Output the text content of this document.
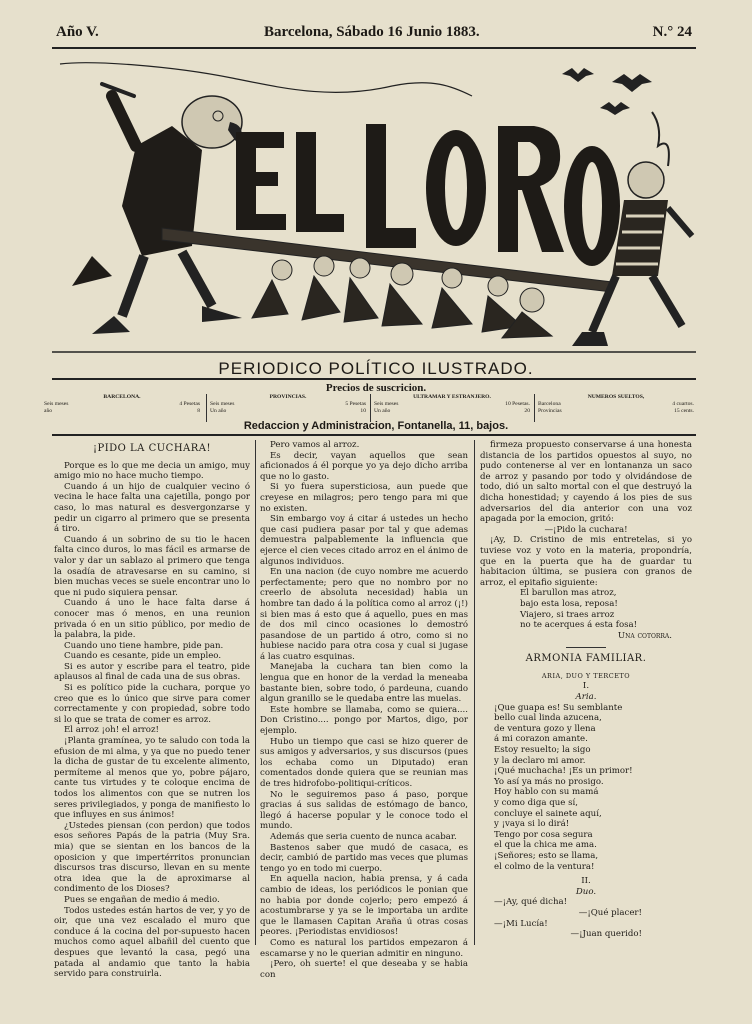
Año V.	Barcelona, Sábado 16 Junio 1883.	N.° 24
PERIODICO POLÍTICO ILUSTRADO.
Precios de suscricion.
BARCELONA.
Seis meses	4 Pesetas
año	8
PROVINCIAS.
Seis meses	5 Pesetas
Un año	10
ULTRAMAR Y ESTRANJERO.
Seis meses	10 Pesetas.
Un año	20
NUMEROS SUELTOS,
Barcelona	4 cuartos.
Provincias	15 cents.
Redaccion y Administracion, Fontanella, 11, bajos.
¡PIDO LA CUCHARA!

Porque es lo que me decia un amigo, muy amigo mio no hace mucho tiempo.

Cuando á un hijo de cualquier vecino ó vecina le hace falta una cajetilla, pongo por caso, lo mas natural es desvergonzarse y pedir un cigarro al primero que se presenta á tiro.

Cuando á un sobrino de su tio le hacen falta cinco duros, lo mas fácil es armarse de valor y dar un sablazo al primero que tenga la osadía de atravesarse en su camino, si bien muchas veces se suele encontrar uno lo que ni pudo siquiera pensar.

Cuando á uno le hace falta darse á conocer mas ó menos, en una reunion privada ó en un sitio público, por medio de la palabra, la pide.

Cuando uno tiene hambre, pide pan.

Cuando es cesante, pide un empleo.

Si es autor y escribe para el teatro, pide aplausos al final de cada una de sus obras.

Si es político pide la cuchara, porque yo creo que es lo único que sirve para comer correctamente y con propiedad, sobre todo si lo que se trata de comer es arroz.

El arroz ¡oh! el arroz!

¡Planta gramínea, yo te saludo con toda la efusion de mi alma, y ya que no puedo tener la dicha de gustar de tu excelente alimento, permíteme al menos que yo, pobre pájaro, cante tus virtudes y te coloque encima de todos los alimentos con que se nutren los seres privilegiados, y ponga de manifiesto lo que influyes en sus ánimos!

¿Ustedes piensan (con perdon) que todos esos señores Papás de la patria (Muy Sra. mia) que se sientan en los bancos de la oposicion y que impertérritos pronuncian discursos tras discurso, llevan en su mente otra idea que la de aproximarse al condimento de los Dioses?

Pues se engañan de medio á medio.

Todos ustedes están hartos de ver, y yo de oir, que una vez escalado el muro que conduce á la cocina del por-supuesto hacen muchos como aquel albañil del cuento que despues que levantó la casa, pegó una patada al andamio que tanto la habia servido para construirla.

Pero vamos al arroz.

Es decir, vayan aquellos que sean aficionados á él porque yo ya dejo dicho arriba que no lo gasto.

Si yo fuera supersticiosa, aun puede que creyese en milagros; pero tengo para mi que no existen.

Sin embargo voy á citar á ustedes un hecho que casi pudiera pasar por tal y que ademas demuestra palpablemente la influencia que ejerce el cien veces citado arroz en el ánimo de algunos individuos.

En una nacion (de cuyo nombre me acuerdo perfectamente; pero que no nombro por no creerlo de absoluta necesidad) habia un hombre tan dado á la política como al arroz (¡!) si bien mas á esto que á aquello, pues en mas de dos mil cinco ocasiones lo demostró pasandose de un partido á otro, como si no hubiese nacido para otra cosa y cual si jugase á las cuatro esquinas.

Manejaba la cuchara tan bien como la lengua que en honor de la verdad la meneaba bastante bien, sobre todo, ó pardeuna, cuando algun granillo se le quedaba entre las muelas.

Este hombre se llamaba, como se quiera.... Don Cristino.... pongo por Martos, digo, por ejemplo.

Hubo un tiempo que casi se hizo querer de sus amigos y adversarios, y sus discursos (pues los echaba como un Diputado) eran comentados donde quiera que se reunian mas de tres hidrofobo-politiqui-críticos.

No le seguiremos paso á paso, porque gracias á sus salidas de estómago de banco, llegó á hacerse popular y le conoce todo el mundo.

Además que seria cuento de nunca acabar.

Bastenos saber que mudó de casaca, es decir, cambió de partido mas veces que plumas tengo yo en todo mi cuerpo.

En aquella nacion, habia prensa, y á cada cambio de ideas, los periódicos le ponian que no habia por donde cojerlo; pero empezó á acostumbrarse y ya se le importaba un ardite que le llamasen Capitan Araña ú otras cosas peores. ¡Periodistas envidiosos!

Como es natural los partidos empezaron á escamarse y no le querian admitir en ninguno.

¡Pero, oh suerte! el que deseaba y se habia con

firmeza propuesto conservarse á una honesta distancia de los partidos opuestos al suyo, no pudo contenerse al ver en lontananza un saco de arroz y pasando por todo y olvidándose de todo, dió un salto mortal con el que destruyó la dicha honestidad; y cayendo á los pies de sus adversarios del dia anterior con una voz apagada por la emocion, gritó:

—¡Pido la cuchara!

¡Ay, D. Cristino de mis entretelas, si yo tuviese voz y voto en la materia, propondría, que en la puerta que ha de guardar tu habitacion última, se pusiera con granos de arroz, el epitafio siguiente:

El barullon mas atroz,

bajo esta losa, reposa!

Viajero, si traes arroz

no te acerques á esta fosa!

Una cotorra.

ARMONIA FAMILIAR.

ARIA, DUO Y TERCETO

I.

Aria.

¡Que guapa es! Su semblante

bello cual linda azucena,

de ventura gozo y llena

á mi corazon amante.

Estoy resuelto; la sigo

y la declaro mi amor.

¡Qué muchacha! ¡Es un primor!

Yo así ya más no prosigo.

Hoy hablo con su mamá

y como diga que sí,

concluye el sainete aquí,

y ¡vaya si lo dirá!

Tengo por cosa segura

el que la chica me ama.

¡Señores; esto se llama,

el colmo de la ventura!

II.

Duo.

—¡Ay, qué dicha!

—¡Qué placer!

—¡Mi Lucía!

—¡Juan querido!
